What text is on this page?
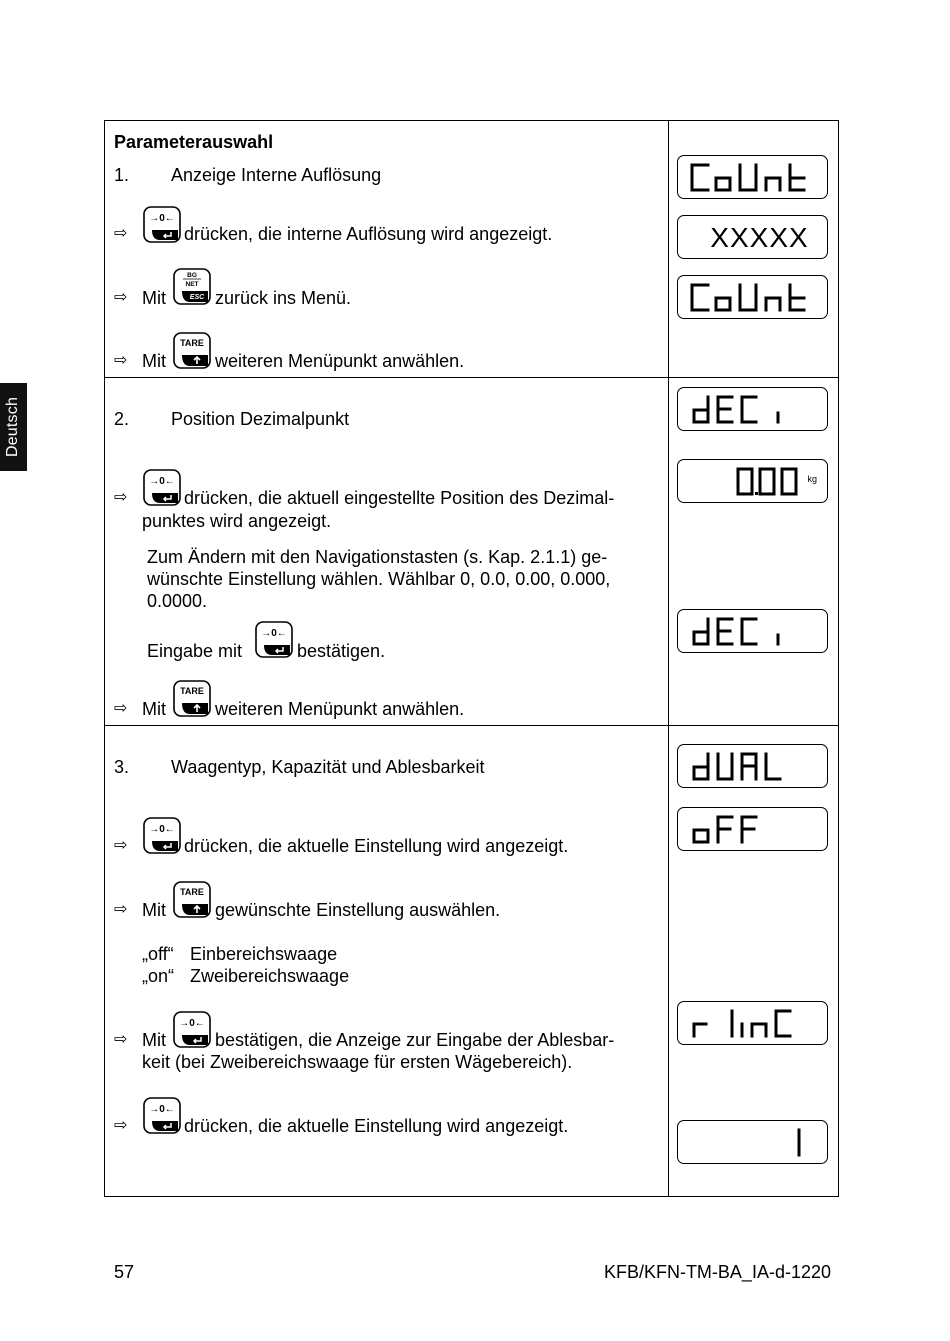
Deutsch
Parameterauswahl
1. Anzeige Interne Auflösung
⇨	drücken, die interne Auflösung wird angezeigt.
⇨ Mit	zurück ins Menü.
⇨ Mit	weiteren Menüpunkt anwählen.
2. Position Dezimalpunkt
⇨	drücken, die aktuell eingestellte Position des Dezimal-
punktes wird angezeigt.
Zum Ändern mit den Navigationstasten (s. Kap. 2.1.1) ge-
wünschte Einstellung wählen. Wählbar 0, 0.0, 0.00, 0.000,
0.0000.
Eingabe mit	bestätigen.
⇨ Mit	weiteren Menüpunkt anwählen.
3. Waagentyp, Kapazität und Ablesbarkeit
⇨	drücken, die aktuelle Einstellung wird angezeigt.
⇨ Mit	gewünschte Einstellung auswählen.
„off“ Einbereichswaage
„on“ Zweibereichswaage
⇨ Mit	bestätigen, die Anzeige zur Eingabe der Ablesbar-
keit (bei Zweibereichswaage für ersten Wägebereich).
⇨	drücken, die aktuelle Einstellung wird angezeigt.
XXXXX
kg
57	KFB/KFN-TM-BA_IA-d-1220
